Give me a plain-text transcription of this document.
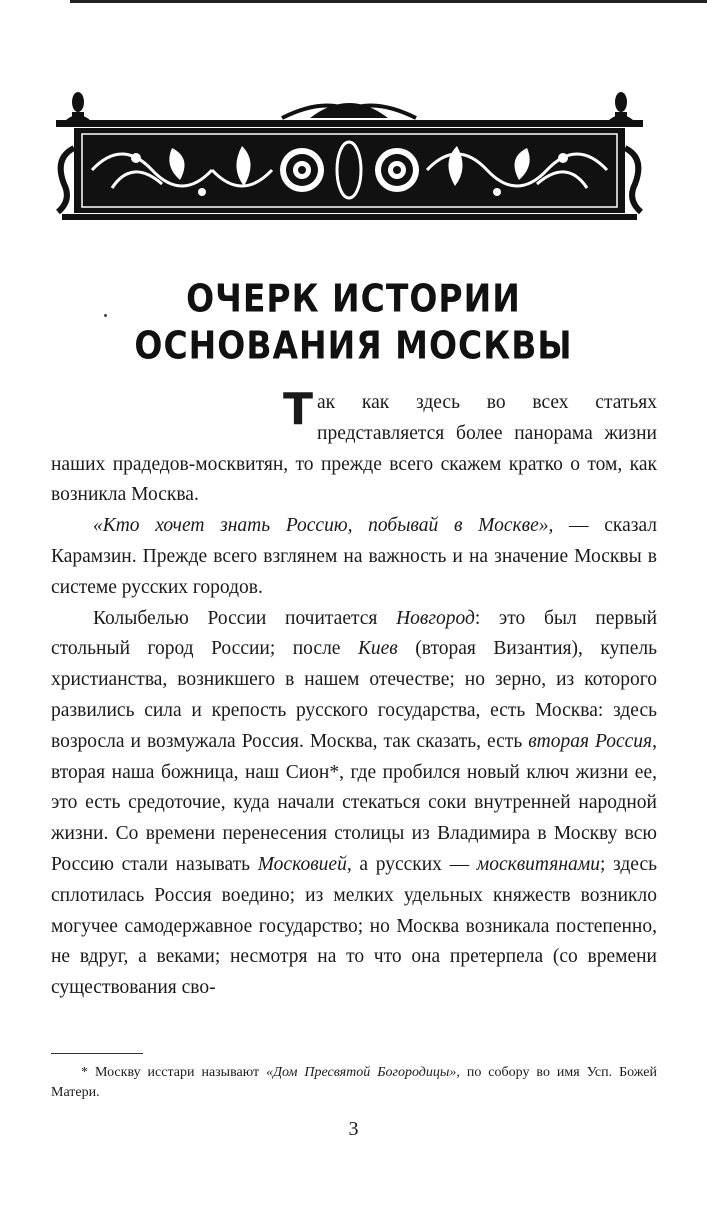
ОЧЕРК ИСТОРИИ
ОСНОВАНИЯ МОСКВЫ

Так как здесь во всех статьях представляется более панорама жизни наших прадедов-москвитян, то прежде всего скажем кратко о том, как возникла Москва.

«Кто хочет знать Россию, побывай в Москве», — сказал Карамзин. Прежде всего взглянем на важность и на значение Москвы в системе русских городов.

Колыбелью России почитается Новгород: это был первый стольный город России; после Киев (вторая Византия), купель христианства, возникшего в нашем отечестве; но зерно, из которого развились сила и крепость русского государства, есть Москва: здесь возросла и возмужала Россия. Москва, так сказать, есть вторая Россия, вторая наша божница, наш Сион*, где пробился новый ключ жизни ее, это есть средоточие, куда начали стекаться соки внутренней народной жизни. Со времени перенесения столицы из Владимира в Москву всю Россию стали называть Московией, а русских — москвитянами; здесь сплотилась Россия воедино; из мелких удельных княжеств возникло могучее самодержавное государство; но Москва возникала постепенно, не вдруг, а веками; несмотря на то что она претерпела (со времени существования сво-

* Москву исстари называют «Дом Пресвятой Богородицы», по собору во имя Усп. Божей Матери.
3
